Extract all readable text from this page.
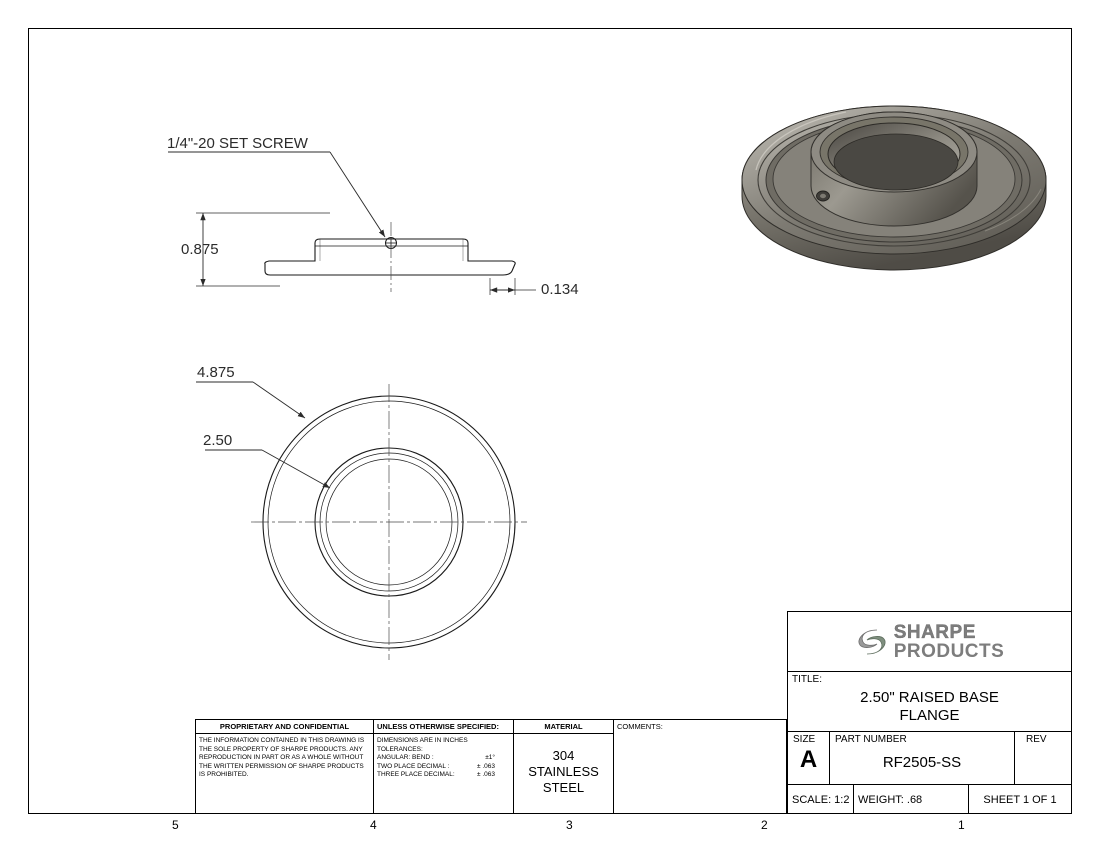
0.875
0.134
4.875
2.50
1/4"-20 SET SCREW
5	4	3	2	1
PROPRIETARY AND CONFIDENTIAL
THE INFORMATION CONTAINED IN THIS DRAWING IS THE SOLE PROPERTY OF SHARPE PRODUCTS. ANY REPRODUCTION IN PART OR AS A WHOLE WITHOUT THE WRITTEN PERMISSION OF SHARPE PRODUCTS IS PROHIBITED.
UNLESS OTHERWISE SPECIFIED:
DIMENSIONS ARE IN INCHES
TOLERANCES:
ANGULAR: BEND :	±1°
TWO PLACE DECIMAL :	± .063
THREE PLACE DECIMAL:	± .063
MATERIAL
304
STAINLESS
STEEL
COMMENTS:
SHARPE
PRODUCTS
TITLE:
2.50" RAISED BASE
FLANGE
SIZE
A
PART NUMBER
RF2505-SS
REV
SCALE: 1:2 WEIGHT: .68	SHEET 1 OF 1
